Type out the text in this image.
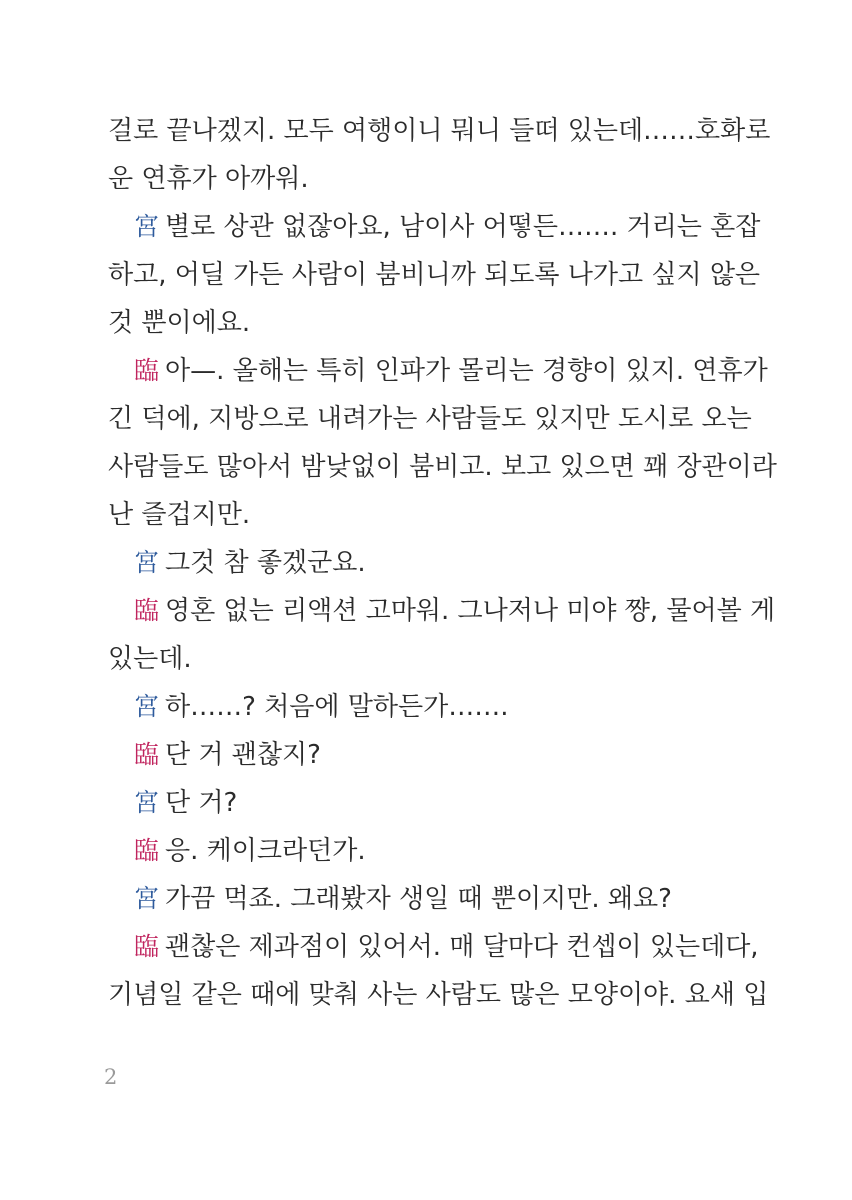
걸로 끝나겠지. 모두 여행이니 뭐니 들떠 있는데……호화로
운 연휴가 아까워.
宮 별로 상관 없잖아요, 남이사 어떻든……. 거리는 혼잡
하고, 어딜 가든 사람이 붐비니까 되도록 나가고 싶지 않은
것 뿐이에요.
臨 아—. 올해는 특히 인파가 몰리는 경향이 있지. 연휴가
긴 덕에, 지방으로 내려가는 사람들도 있지만 도시로 오는
사람들도 많아서 밤낮없이 붐비고. 보고 있으면 꽤 장관이라
난 즐겁지만.
宮 그것 참 좋겠군요.
臨 영혼 없는 리액션 고마워. 그나저나 미야 쨩, 물어볼 게
있는데.
宮 하……? 처음에 말하든가…….
臨 단 거 괜찮지?
宮 단 거?
臨 응. 케이크라던가.
宮 가끔 먹죠. 그래봤자 생일 때 뿐이지만. 왜요?
臨 괜찮은 제과점이 있어서. 매 달마다 컨셉이 있는데다,
기념일 같은 때에 맞춰 사는 사람도 많은 모양이야. 요새 입
2
